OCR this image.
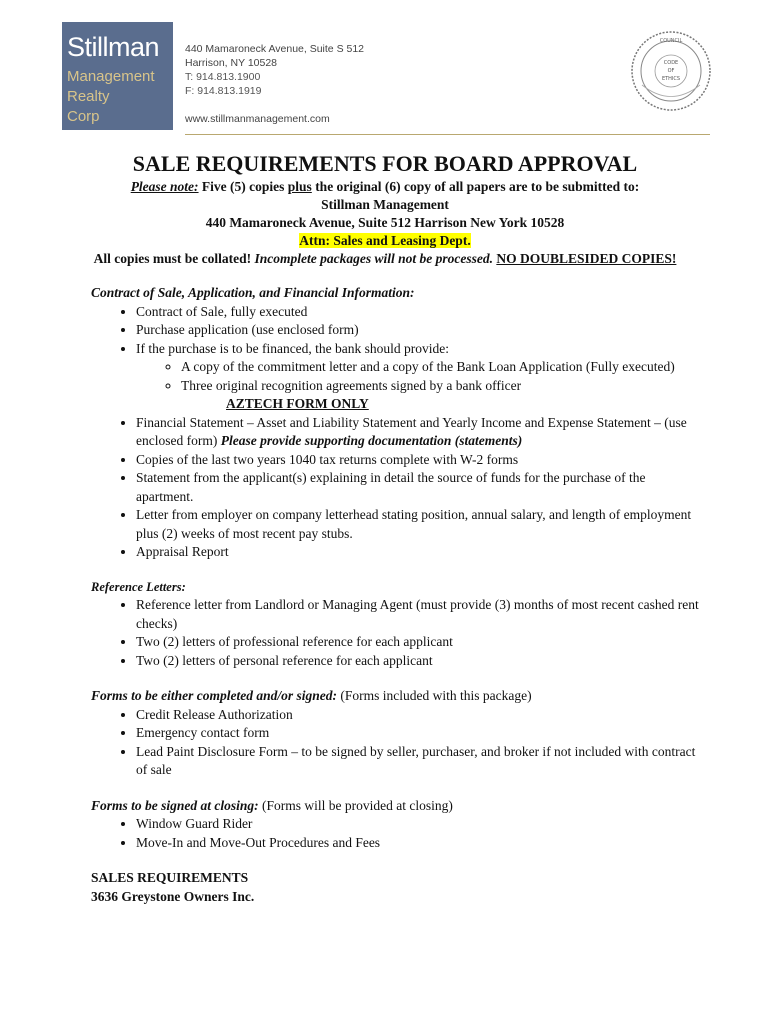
Stillman
Management
Realty
Corp
440 Mamaroneck Avenue, Suite S 512
Harrison, NY 10528
T: 914.813.1900
F: 914.813.1919
www.stillmanmanagement.com
COUNCIL
CODE
OF
ETHICS
SALE REQUIREMENTS FOR BOARD APPROVAL
Please note: Five (5) copies plus the original (6) copy of all papers are to be submitted to:
Stillman Management
440 Mamaroneck Avenue, Suite 512 Harrison New York 10528
Attn: Sales and Leasing Dept.
All copies must be collated! Incomplete packages will not be processed. NO DOUBLESIDED COPIES!
Contract of Sale, Application, and Financial Information:
• Contract of Sale, fully executed
• Purchase application (use enclosed form)
• If the purchase is to be financed, the bank should provide:
◦ A copy of the commitment letter and a copy of the Bank Loan Application (Fully executed)
◦ Three original recognition agreements signed by a bank officer
AZTECH FORM ONLY
• Financial Statement – Asset and Liability Statement and Yearly Income and Expense Statement – (use enclosed form) Please provide supporting documentation (statements)
• Copies of the last two years 1040 tax returns complete with W-2 forms
• Statement from the applicant(s) explaining in detail the source of funds for the purchase of the apartment.
• Letter from employer on company letterhead stating position, annual salary, and length of employment plus (2) weeks of most recent pay stubs.
• Appraisal Report
Reference Letters:
• Reference letter from Landlord or Managing Agent (must provide (3) months of most recent cashed rent checks)
• Two (2) letters of professional reference for each applicant
• Two (2) letters of personal reference for each applicant
Forms to be either completed and/or signed: (Forms included with this package)
• Credit Release Authorization
• Emergency contact form
• Lead Paint Disclosure Form – to be signed by seller, purchaser, and broker if not included with contract of sale
Forms to be signed at closing: (Forms will be provided at closing)
• Window Guard Rider
• Move-In and Move-Out Procedures and Fees
SALES REQUIREMENTS
3636 Greystone Owners Inc.
